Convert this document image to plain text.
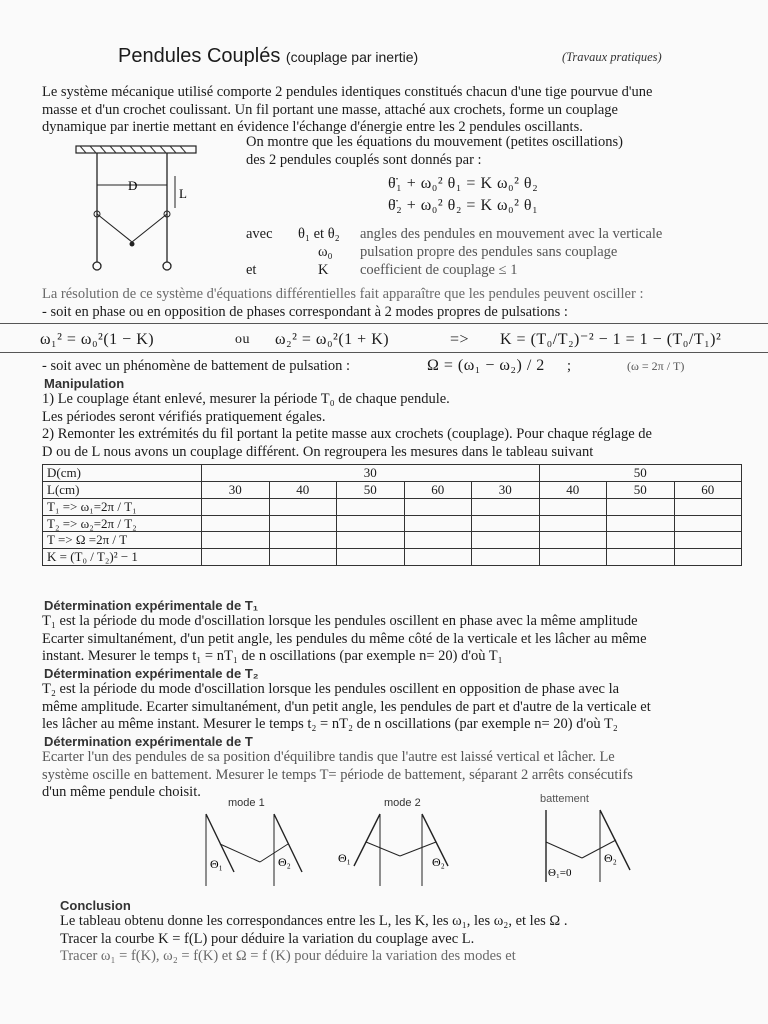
Pendules Couplés (couplage par inertie)	(Travaux pratiques)
Le système mécanique utilisé comporte 2 pendules identiques constitués chacun d'une tige pourvue d'une
masse et d'un crochet coulissant. Un fil portant une masse, attaché aux crochets, forme un couplage
dynamique par inertie mettant en évidence l'échange d'énergie entre les 2 pendules oscillants.
D
L
On montre que les équations du mouvement (petites oscillations)
des 2 pendules couplés sont donnés par :
θ̈₁ + ω₀² θ₁ = K ω₀² θ₂
θ̈₂ + ω₀² θ₂ = K ω₀² θ₁
avec	θ₁ et θ₂	angles des pendules en mouvement avec la verticale
ω₀	pulsation propre des pendules sans couplage
et	K	coefficient de couplage ≤ 1
La résolution de ce système d'équations différentielles fait apparaître que les pendules peuvent osciller :
- soit en phase ou en opposition de phases correspondant à 2 modes propres de pulsations :
ω₁² = ω₀²(1 − K)	ou	ω₂² = ω₀²(1 + K)	=>	K = (T₀/T₂)⁻² − 1 = 1 − (T₀/T₁)²
- soit avec un phénomène de battement de pulsation :	Ω = (ω₁ − ω₂) / 2	;	(ω = 2π / T)
Manipulation
1) Le couplage étant enlevé, mesurer la période T₀ de chaque pendule.
Les périodes seront vérifiés pratiquement égales.
2) Remonter les extrémités du fil portant la petite masse aux crochets (couplage). Pour chaque réglage de
D ou de L nous avons un couplage différent. On regroupera les mesures dans le tableau suivant
D(cm)	30					50		
L(cm)	30	40	50	60	30	40	50	60
T₁ => ω₁=2π / T₁								
T₂ => ω₂=2π / T₂								
T => Ω =2π / T								
K = (T₀ / T₂)² − 1								
Détermination expérimentale de T₁
T₁ est la période du mode d'oscillation lorsque les pendules oscillent en phase avec la même amplitude
Ecarter simultanément, d'un petit angle, les pendules du même côté de la verticale et les lâcher au même
instant. Mesurer le temps t₁ = nT₁ de n oscillations (par exemple n= 20) d'où T₁
Détermination expérimentale de T₂
T₂ est la période du mode d'oscillation lorsque les pendules oscillent en opposition de phase avec la
même amplitude. Ecarter simultanément, d'un petit angle, les pendules de part et d'autre de la verticale et
les lâcher au même instant. Mesurer le temps t₂ = nT₂ de n oscillations (par exemple n= 20) d'où T₂
Détermination expérimentale de T
Ecarter l'un des pendules de sa position d'équilibre tandis que l'autre est laissé vertical et lâcher. Le
système oscille en battement. Mesurer le temps T= période de battement, séparant 2 arrêts consécutifs
d'un même pendule choisit.
mode 1
Θ₁	Θ₂
mode 2
Θ₁	Θ₂
battement
Θ₁=0
Θ₂
Conclusion
Le tableau obtenu donne les correspondances entre les L, les K, les ω₁, les ω₂, et les Ω .
Tracer la courbe K = f(L) pour déduire la variation du couplage avec L.
Tracer ω₁ = f(K), ω₂ = f(K) et Ω = f (K) pour déduire la variation des modes et
